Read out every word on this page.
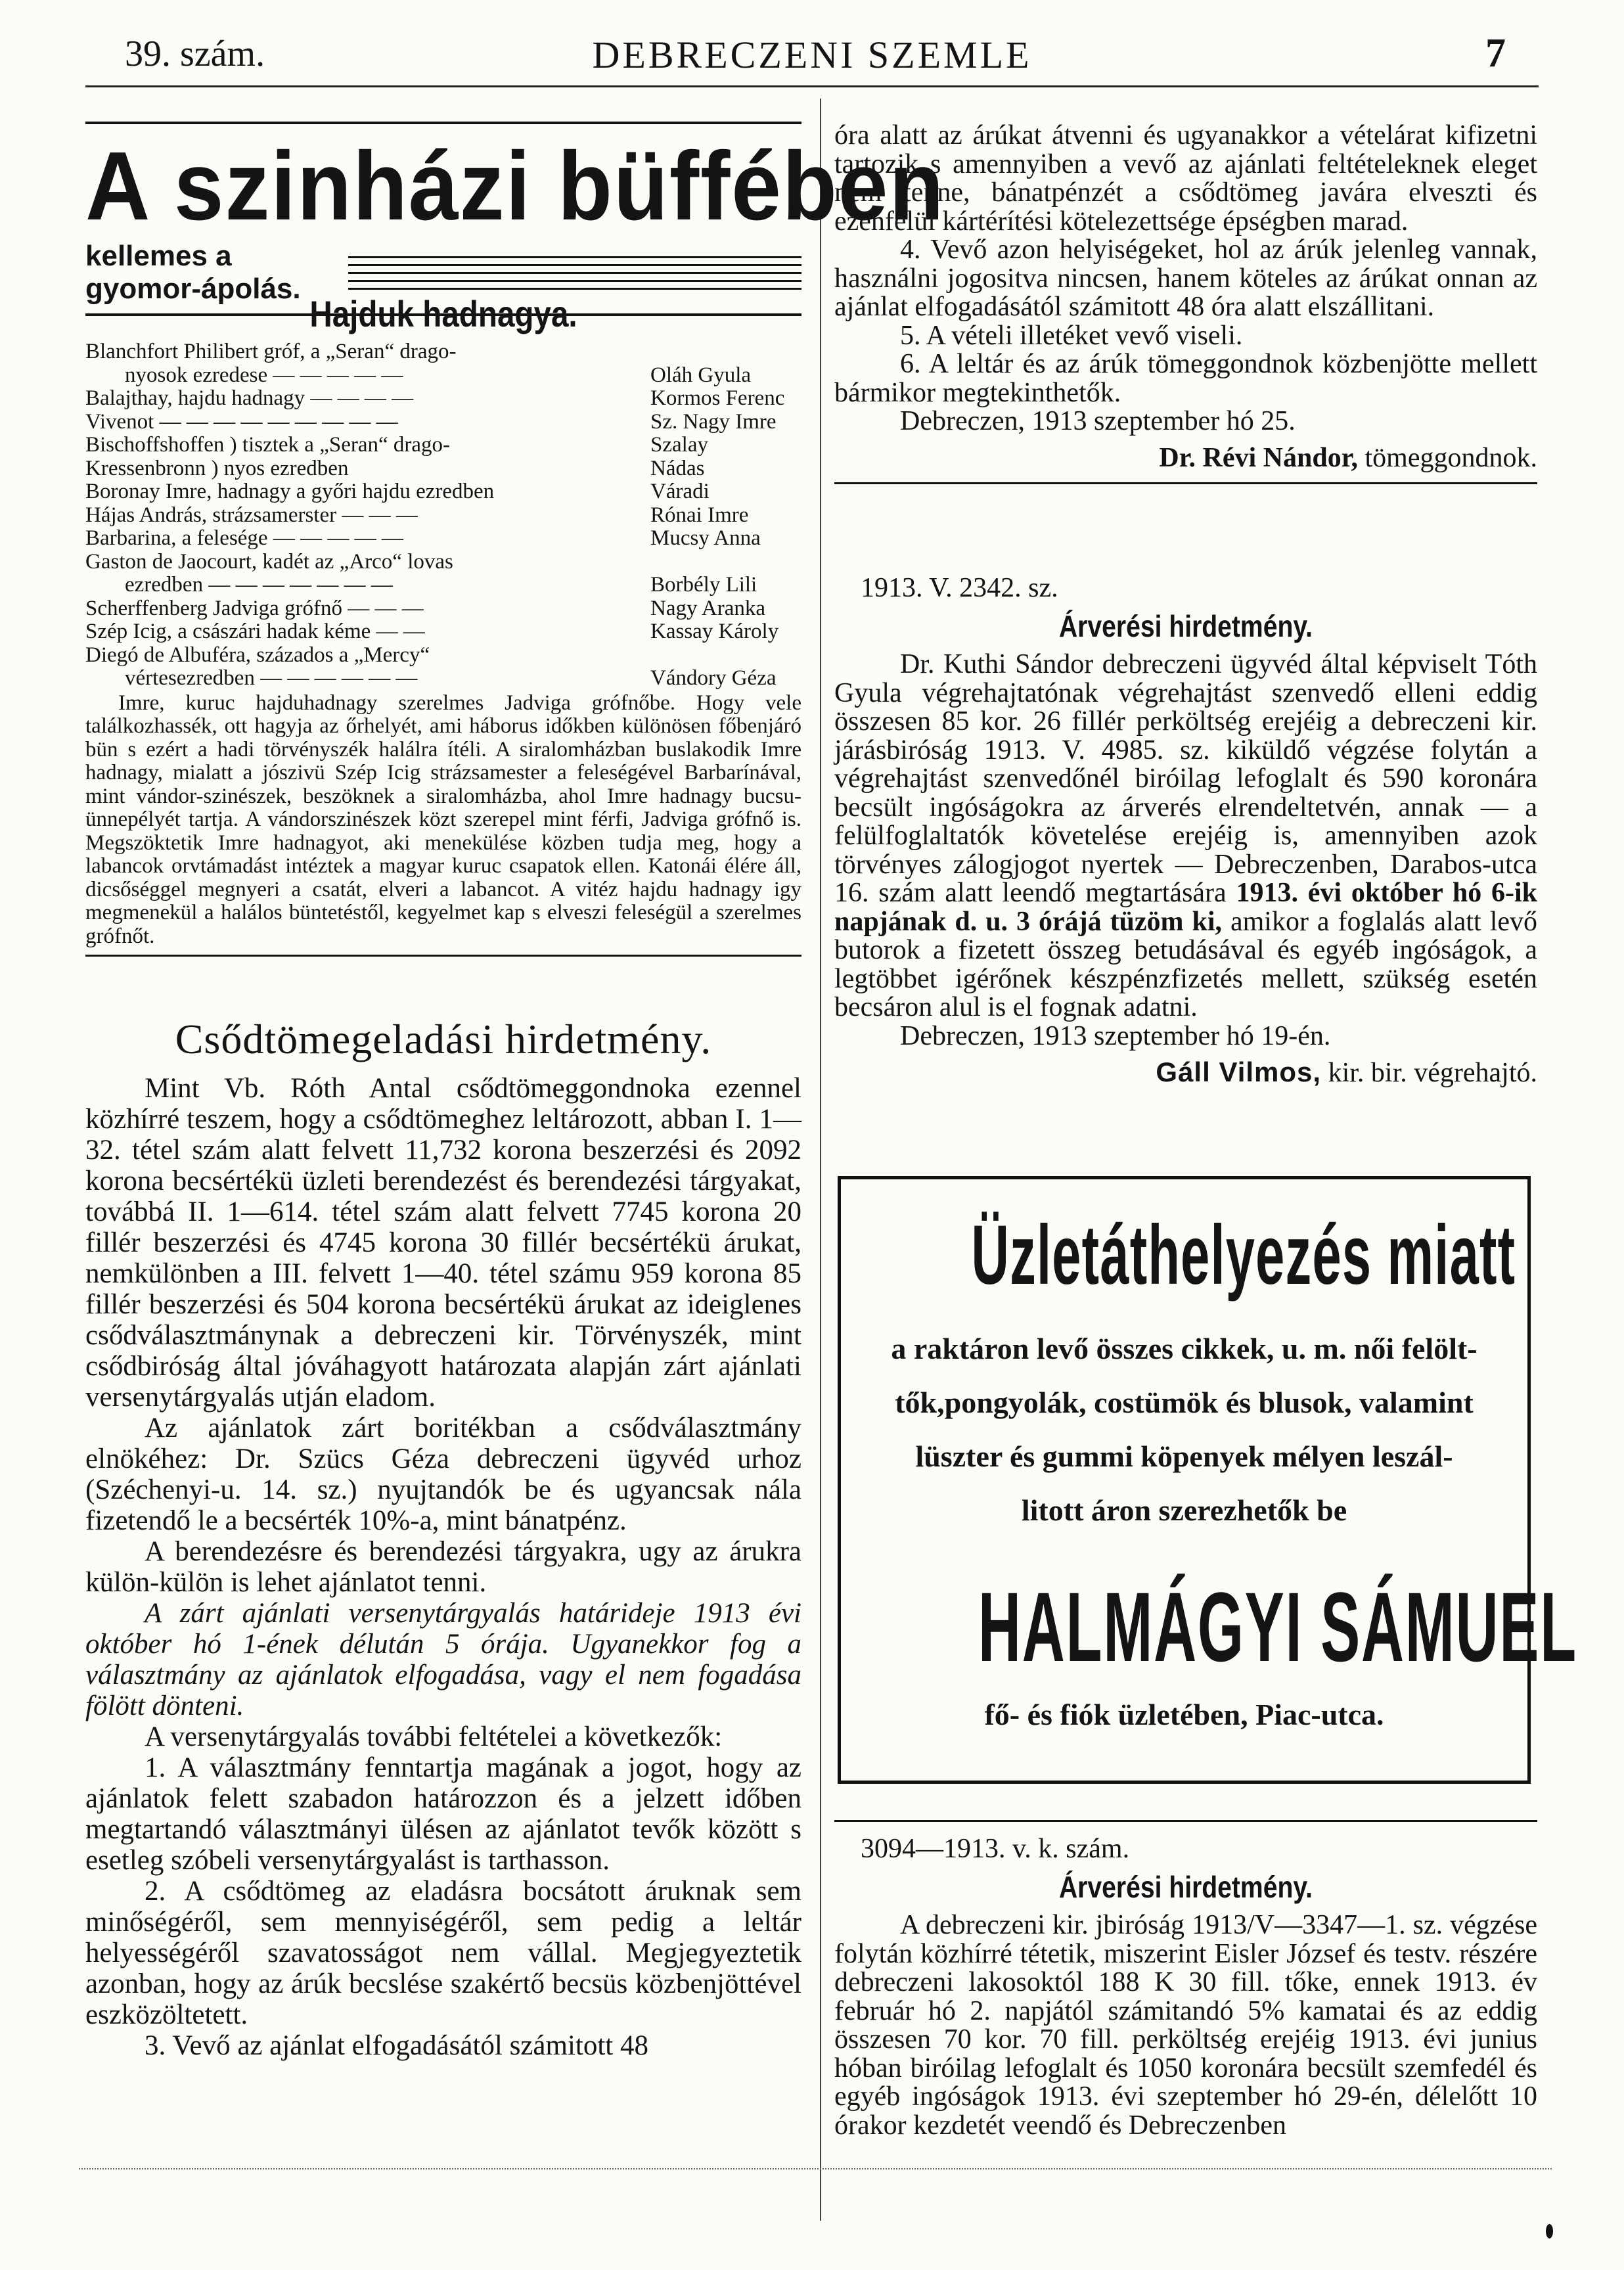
39. szám.	DEBRECZENI SZEMLE	7
A szinházi büffében
kellemes a
gyomor-ápolás.
Hajduk hadnagya.
Blanchfort Philibert gróf, a „Seran“ drago-
nyosok ezredese — — — — —	Oláh Gyula
Balajthay, hajdu hadnagy — — — —	Kormos Ferenc
Vivenot — — — — — — — — —	Sz. Nagy Imre
Bischoffshoffen ) tisztek a „Seran“ drago-	Szalay
Kressenbronn ) nyos ezredben	Nádas
Boronay Imre, hadnagy a győri hajdu ezredben	Váradi
Hájas András, strázsamerster — — —	Rónai Imre
Barbarina, a felesége — — — — —	Mucsy Anna
Gaston de Jaocourt, kadét az „Arco“ lovas
ezredben — — — — — — —	Borbély Lili
Scherffenberg Jadviga grófnő — — —	Nagy Aranka
Szép Icig, a császári hadak kéme — —	Kassay Károly
Diegó de Albuféra, százados a „Mercy“
vértesezredben — — — — — —	Vándory Géza
Imre, kuruc hajduhadnagy szerelmes Jadviga grófnőbe. Hogy vele találkozhassék, ott hagyja az őrhelyét, ami háborus időkben különösen főbenjáró bün s ezért a hadi törvényszék halálra ítéli. A siralomházban buslakodik Imre hadnagy, mialatt a jószivü Szép Icig strázsamester a feleségével Barbarínával, mint vándor-szinészek, beszöknek a siralomházba, ahol Imre hadnagy bucsu-ünnepélyét tartja. A vándorszinészek közt szerepel mint férfi, Jadviga grófnő is. Megszöktetik Imre hadnagyot, aki menekülése közben tudja meg, hogy a labancok orvtámadást intéztek a magyar kuruc csapatok ellen. Katonái élére áll, dicsőséggel megnyeri a csatát, elveri a labancot. A vitéz hajdu hadnagy igy megmenekül a halálos büntetéstől, kegyelmet kap s elveszi feleségül a szerelmes grófnőt.
Csődtömegeladási hirdetmény.

Mint Vb. Róth Antal csődtömeggondnoka ezennel közhírré teszem, hogy a csődtömeghez leltározott, abban I. 1—32. tétel szám alatt felvett 11,732 korona beszerzési és 2092 korona becsértékü üzleti berendezést és berendezési tárgyakat, továbbá II. 1—614. tétel szám alatt felvett 7745 korona 20 fillér beszerzési és 4745 korona 30 fillér becsértékü árukat, nemkülönben a III. felvett 1—40. tétel számu 959 korona 85 fillér beszerzési és 504 korona becsértékü árukat az ideiglenes csődválasztmánynak a debreczeni kir. Törvényszék, mint csődbiróság által jóváhagyott határozata alapján zárt ajánlati versenytárgyalás utján eladom.

Az ajánlatok zárt boritékban a csődválasztmány elnökéhez: Dr. Szücs Géza debreczeni ügyvéd urhoz (Széchenyi-u. 14. sz.) nyujtandók be és ugyancsak nála fizetendő le a becsérték 10%-a, mint bánatpénz.

A berendezésre és berendezési tárgyakra, ugy az árukra külön-külön is lehet ajánlatot tenni.

A zárt ajánlati versenytárgyalás határideje 1913 évi október hó 1-ének délután 5 órája. Ugyanekkor fog a választmány az ajánlatok elfogadása, vagy el nem fogadása fölött dönteni.

A versenytárgyalás további feltételei a következők:

1. A választmány fenntartja magának a jogot, hogy az ajánlatok felett szabadon határozzon és a jelzett időben megtartandó választmányi ülésen az ajánlatot tevők között s esetleg szóbeli versenytárgyalást is tarthasson.

2. A csődtömeg az eladásra bocsátott áruknak sem minőségéről, sem mennyiségéről, sem pedig a leltár helyességéről szavatosságot nem vállal. Megjegyeztetik azonban, hogy az árúk becslése szakértő becsüs közbenjöttével eszközöltetett.

3. Vevő az ajánlat elfogadásától számitott 48

óra alatt az árúkat átvenni és ugyanakkor a vételárat kifizetni tartozik s amennyiben a vevő az ajánlati feltételeknek eleget nem tenne, bánatpénzét a csődtömeg javára elveszti és ezenfelül kártérítési kötelezettsége épségben marad.

4. Vevő azon helyiségeket, hol az árúk jelenleg vannak, használni jogositva nincsen, hanem köteles az árúkat onnan az ajánlat elfogadásától számitott 48 óra alatt elszállitani.

5. A vételi illetéket vevő viseli.

6. A leltár és az árúk tömeggondnok közbenjötte mellett bármikor megtekinthetők.

Debreczen, 1913 szeptember hó 25.

Dr. Révi Nándor, tömeggondnok.
1913. V. 2342. sz.
Árverési hirdetmény.

Dr. Kuthi Sándor debreczeni ügyvéd által képviselt Tóth Gyula végrehajtatónak végrehajtást szenvedő elleni eddig összesen 85 kor. 26 fillér perköltség erejéig a debreczeni kir. járásbiróság 1913. V. 4985. sz. kiküldő végzése folytán a végrehajtást szenvedőnél biróilag lefoglalt és 590 koronára becsült ingóságokra az árverés elrendeltetvén, annak — a felülfoglaltatók követelése erejéig is, amennyiben azok törvényes zálogjogot nyertek — Debreczenben, Darabos-utca 16. szám alatt leendő megtartására 1913. évi október hó 6-ik napjának d. u. 3 órájá tüzöm ki, amikor a foglalás alatt levő butorok a fizetett összeg betudásával és egyéb ingóságok, a legtöbbet igérőnek készpénzfizetés mellett, szükség esetén becsáron alul is el fognak adatni.

Debreczen, 1913 szeptember hó 19-én.

Gáll Vilmos, kir. bir. végrehajtó.
Üzletáthelyezés miatt
a raktáron levő összes cikkek, u. m. női felölt-
tők,pongyolák, costümök és blusok, valamint
lüszter és gummi köpenyek mélyen leszál-
litott áron szerezhetők be
HALMÁGYI SÁMUEL
fő- és fiók üzletében, Piac-utca.
3094—1913. v. k. szám.
Árverési hirdetmény.

A debreczeni kir. jbiróság 1913/V—3347—1. sz. végzése folytán közhírré tétetik, miszerint Eisler József és testv. részére debreczeni lakosoktól 188 K 30 fill. tőke, ennek 1913. év február hó 2. napjától számitandó 5% kamatai és az eddig összesen 70 kor. 70 fill. perköltség erejéig 1913. évi junius hóban biróilag lefoglalt és 1050 koronára becsült szemfedél és egyéb ingóságok 1913. évi szeptember hó 29-én, délelőtt 10 órakor kezdetét veendő és Debreczenben
